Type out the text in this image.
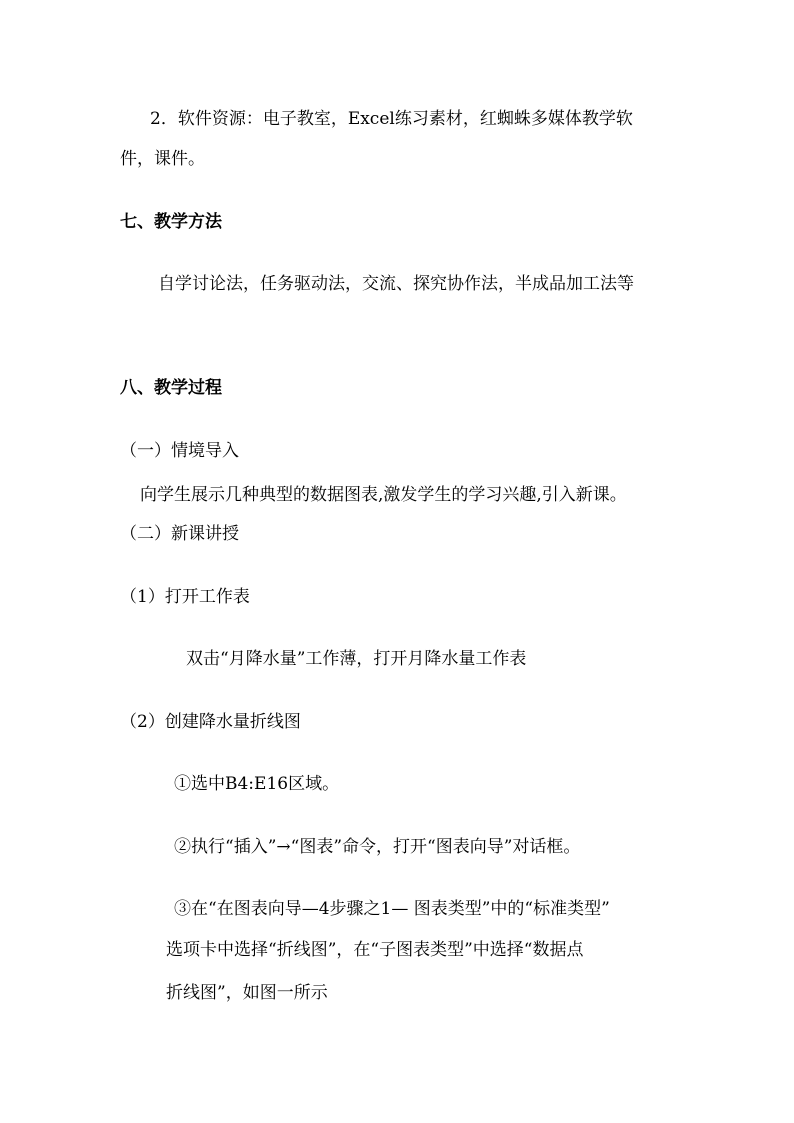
2．软件资源：电子教室，Excel练习素材，红蜘蛛多媒体教学软
件，课件。
七、教学方法
自学讨论法，任务驱动法，交流、探究协作法，半成品加工法等
八、教学过程
（一）情境导入
向学生展示几种典型的数据图表,激发学生的学习兴趣,引入新课。
（二）新课讲授
（1）打开工作表
双击“月降水量”工作薄，打开月降水量工作表
（2）创建降水量折线图
①选中B4:E16区域。
②执行“插入”→“图表”命令，打开“图表向导”对话框。
③在“在图表向导—4步骤之1— 图表类型”中的“标准类型”
选项卡中选择“折线图”，在“子图表类型”中选择“数据点
折线图”，如图一所示
